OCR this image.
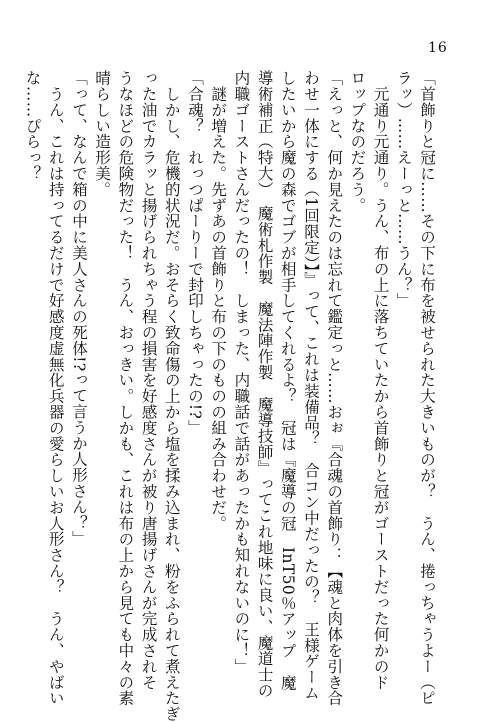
16
「首飾りと冠に……その下に布を被せられた大きいものが？　うん、捲っちゃうよー（ピ
ラッ）……えーっと……うん？」
　元通り元通り。うん、布の上に落ちていたから首飾りと冠がゴーストだった何かのド
ロップなのだろう。
「えっと、何か見えたのは忘れて鑑定っと……おぉ『合魂の首飾り：【魂と肉体を引き合
わせ一体にする（1回限定）】』って、これは装備品？　合コン中だったの？　王様ゲーム
したいから魔の森でゴブが相手してくれるよ？　冠は『魔導の冠　InT50％アップ　魔
導術補正（特大）　魔術札作製　魔法陣作製　魔導技師』ってこれ地味に良い、魔道士の
内職ゴーストさんだったの！　しまった、内職話で話があったかも知れないのに！」
　謎が増えた。先ずあの首飾りと布の下のものの組み合わせだ。
「合魂？　れっつぱーりーで封印しちゃったの!?」
　しかし、危機的状況だ。おそらく致命傷の上から塩を揉み込まれ、粉をふられて煮えたぎ
った油でカラッと揚げられちゃう程の損害を好感度さんが被り唐揚げさんが完成されそ
うなほどの危険物だった！　うん、おっきい。しかも、これは布の上から見ても中々の素
晴らしい造形美。
「って、なんで箱の中に美人さんの死体!?って言うか人形さん？」
　うん、これは持ってるだけで好感度虚無化兵器の愛らしいお人形さん？　うん、やばい
な……ぴらっ？
